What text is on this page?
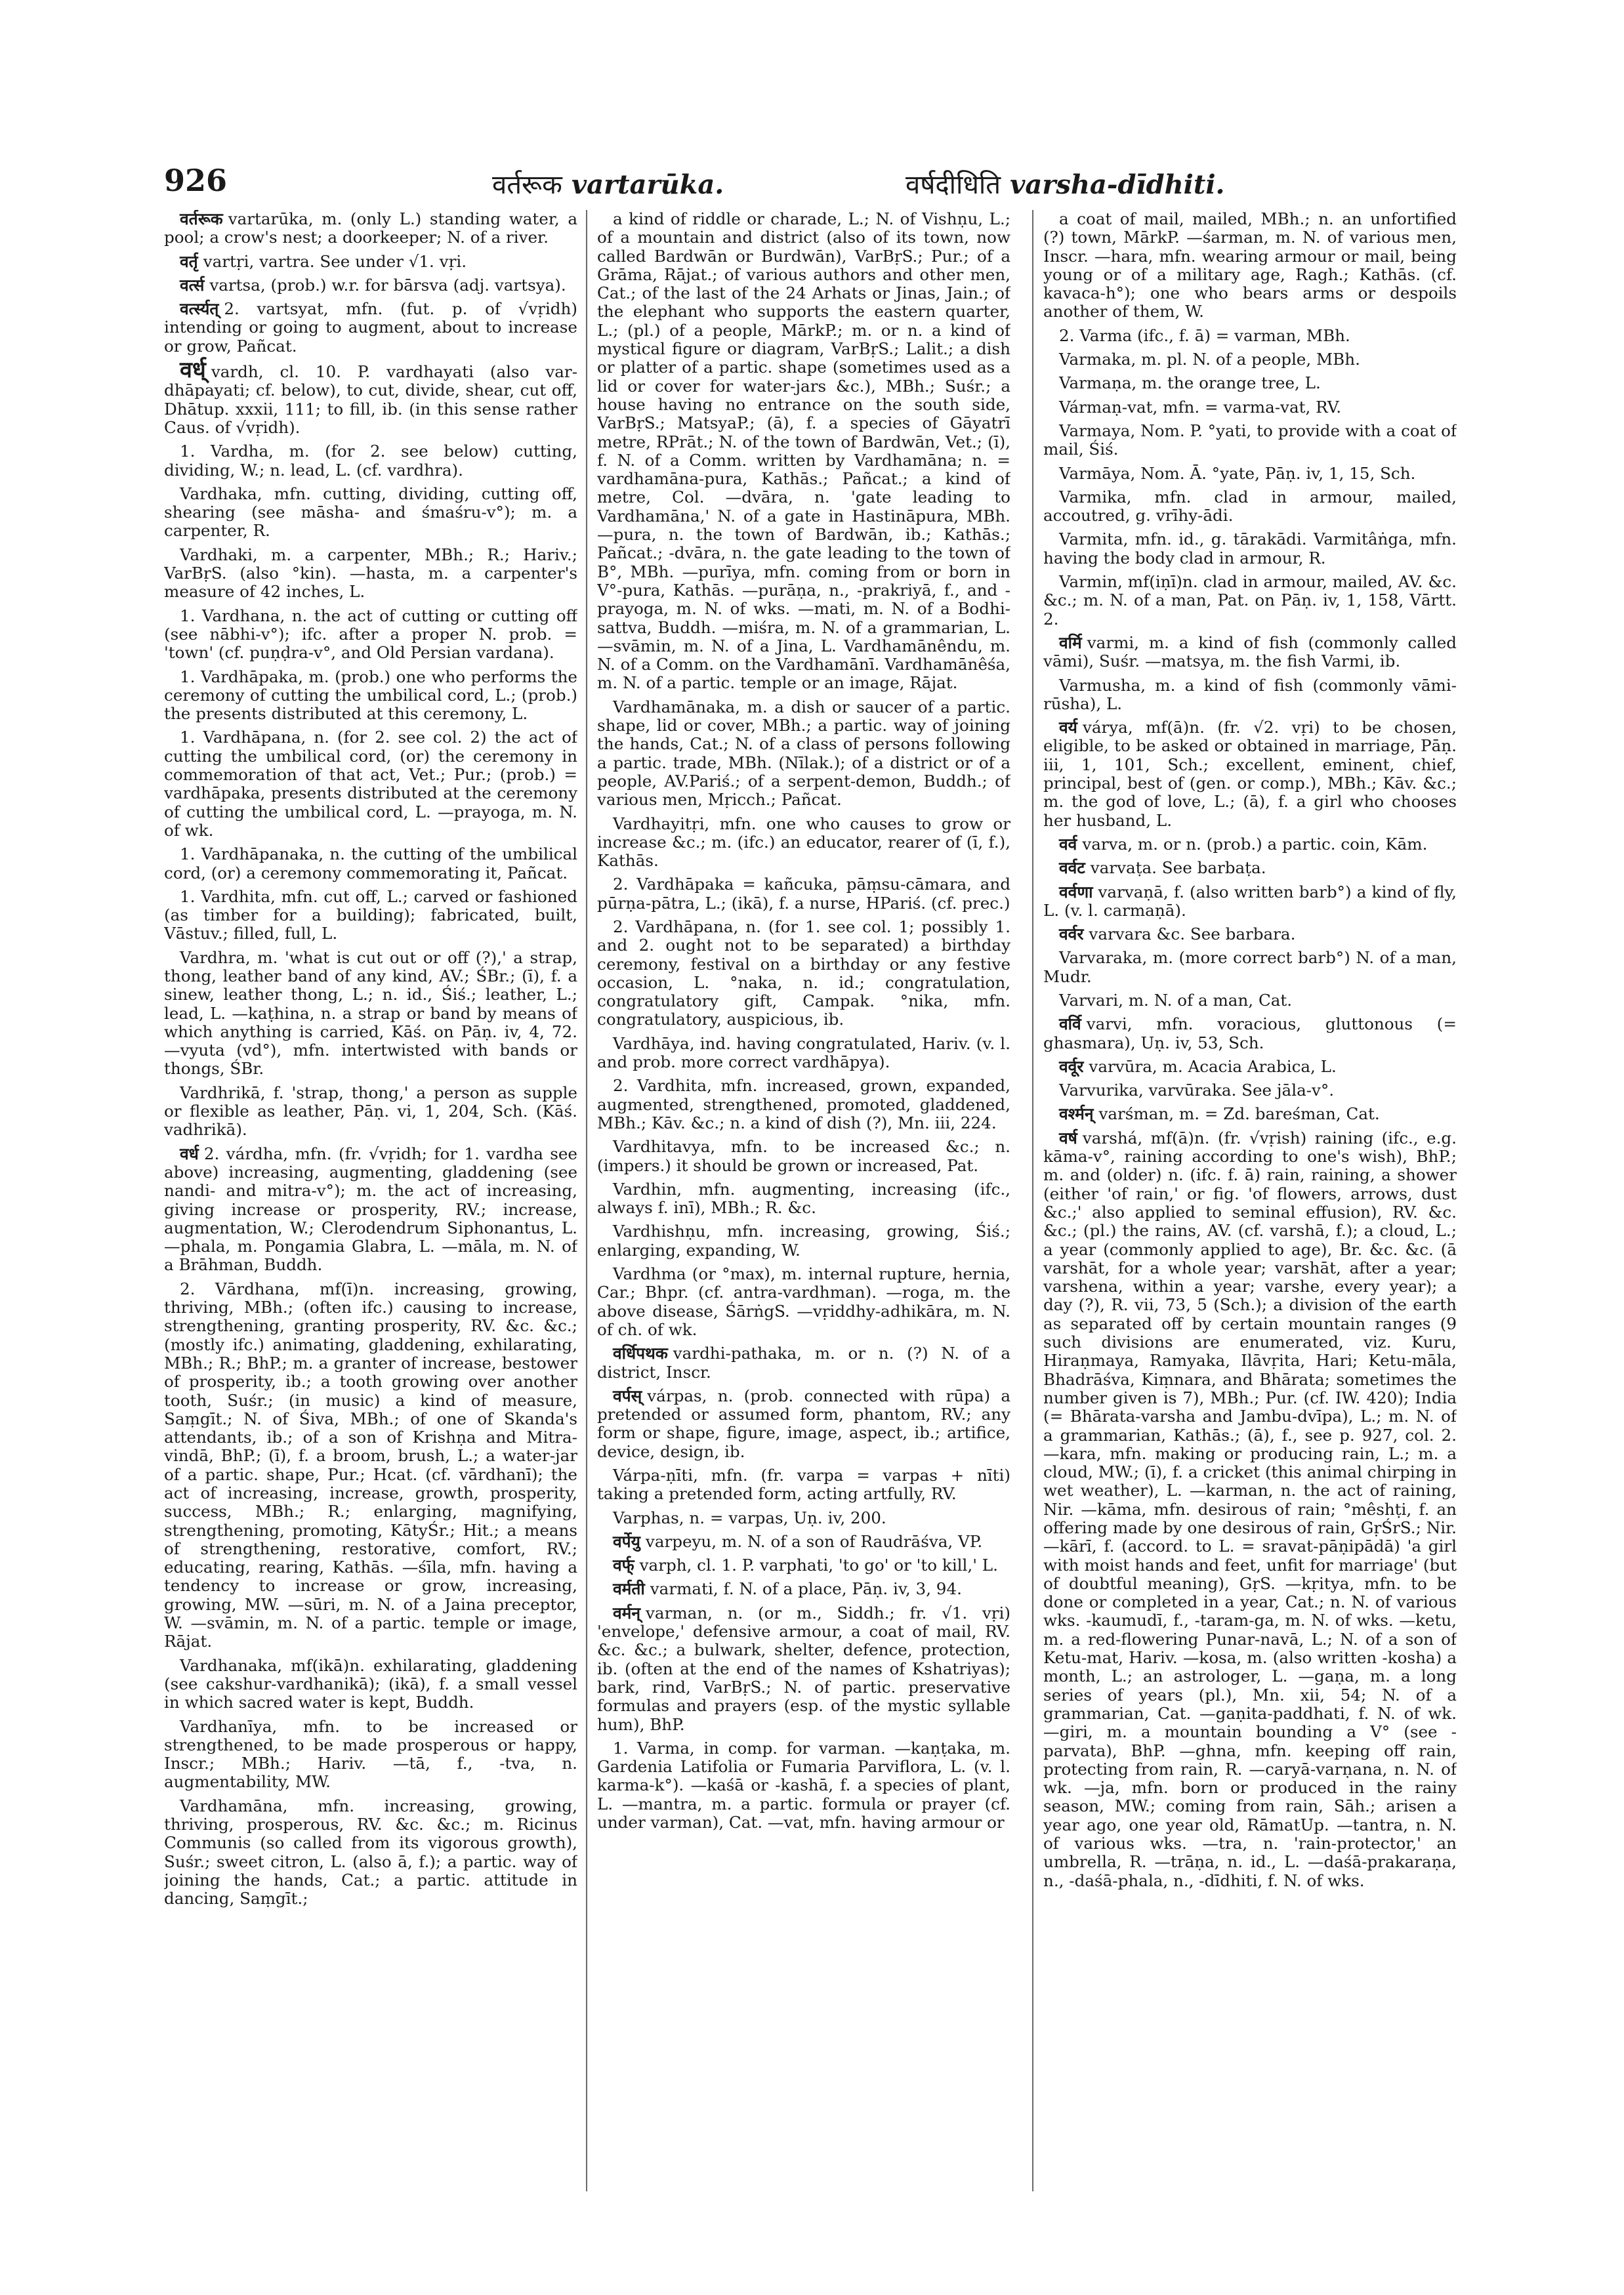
926	वर्तरूक vartarūka.	वर्षदीधिति varsha-dīdhiti.

वर्तरूक vartarūka, m. (only L.) standing water, a pool; a crow's nest; a doorkeeper; N. of a river.

वर्तृ vartṛi, vartra. See under √1. vṛi.

वर्त्स vartsa, (prob.) w.r. for bārsva (adj. vartsya).

वर्त्स्यत् 2. vartsyat, mfn. (fut. p. of √vṛidh) intending or going to augment, about to increase or grow, Pañcat.

वर्ध् vardh, cl. 10. P. vardhayati (also var-dhāpayati; cf. below), to cut, divide, shear, cut off, Dhātup. xxxii, 111; to fill, ib. (in this sense rather Caus. of √vṛidh).

1. Vardha, m. (for 2. see below) cutting, dividing, W.; n. lead, L. (cf. vardhra).

Vardhaka, mfn. cutting, dividing, cutting off, shearing (see māsha- and śmaśru-v°); m. a carpenter, R.

Vardhaki, m. a carpenter, MBh.; R.; Hariv.; VarBṛS. (also °kin). —hasta, m. a carpenter's measure of 42 inches, L.

1. Vardhana, n. the act of cutting or cutting off (see nābhi-v°); ifc. after a proper N. prob. = 'town' (cf. puṇḍra-v°, and Old Persian vardana).

1. Vardhāpaka, m. (prob.) one who performs the ceremony of cutting the umbilical cord, L.; (prob.) the presents distributed at this ceremony, L.

1. Vardhāpana, n. (for 2. see col. 2) the act of cutting the umbilical cord, (or) the ceremony in commemoration of that act, Vet.; Pur.; (prob.) = vardhāpaka, presents distributed at the ceremony of cutting the umbilical cord, L. —prayoga, m. N. of wk.

1. Vardhāpanaka, n. the cutting of the umbilical cord, (or) a ceremony commemorating it, Pañcat.

1. Vardhita, mfn. cut off, L.; carved or fashioned (as timber for a building); fabricated, built, Vāstuv.; filled, full, L.

Vardhra, m. 'what is cut out or off (?),' a strap, thong, leather band of any kind, AV.; ŚBr.; (ī), f. a sinew, leather thong, L.; n. id., Śiś.; leather, L.; lead, L. —kaṭhina, n. a strap or band by means of which anything is carried, Kāś. on Pāṇ. iv, 4, 72. —vyuta (vd°), mfn. intertwisted with bands or thongs, ŚBr.

Vardhrikā, f. 'strap, thong,' a person as supple or flexible as leather, Pāṇ. vi, 1, 204, Sch. (Kāś. vadhrikā).

वर्ध 2. várdha, mfn. (fr. √vṛidh; for 1. vardha see above) increasing, augmenting, gladdening (see nandi- and mitra-v°); m. the act of increasing, giving increase or prosperity, RV.; increase, augmentation, W.; Clerodendrum Siphonantus, L. —phala, m. Pongamia Glabra, L. —māla, m. N. of a Brāhman, Buddh.

2. Vārdhana, mf(ī)n. increasing, growing, thriving, MBh.; (often ifc.) causing to increase, strengthening, granting prosperity, RV. &c. &c.; (mostly ifc.) animating, gladdening, exhilarating, MBh.; R.; BhP.; m. a granter of increase, bestower of prosperity, ib.; a tooth growing over another tooth, Suśr.; (in music) a kind of measure, Saṃgīt.; N. of Śiva, MBh.; of one of Skanda's attendants, ib.; of a son of Krishṇa and Mitra-vindā, BhP.; (ī), f. a broom, brush, L.; a water-jar of a partic. shape, Pur.; Hcat. (cf. vārdhanī); the act of increasing, increase, growth, prosperity, success, MBh.; R.; enlarging, magnifying, strengthening, promoting, KātyŚr.; Hit.; a means of strengthening, restorative, comfort, RV.; educating, rearing, Kathās. —śīla, mfn. having a tendency to increase or grow, increasing, growing, MW. —sūri, m. N. of a Jaina preceptor, W. —svāmin, m. N. of a partic. temple or image, Rājat.

Vardhanaka, mf(ikā)n. exhilarating, gladdening (see cakshur-vardhanikā); (ikā), f. a small vessel in which sacred water is kept, Buddh.

Vardhanīya, mfn. to be increased or strengthened, to be made prosperous or happy, Inscr.; MBh.; Hariv. —tā, f., -tva, n. augmentability, MW.

Vardhamāna, mfn. increasing, growing, thriving, prosperous, RV. &c. &c.; m. Ricinus Communis (so called from its vigorous growth), Suśr.; sweet citron, L. (also ā, f.); a partic. way of joining the hands, Cat.; a partic. attitude in dancing, Saṃgīt.;

a kind of riddle or charade, L.; N. of Vishṇu, L.; of a mountain and district (also of its town, now called Bardwān or Burdwān), VarBṛS.; Pur.; of a Grāma, Rājat.; of various authors and other men, Cat.; of the last of the 24 Arhats or Jinas, Jain.; of the elephant who supports the eastern quarter, L.; (pl.) of a people, MārkP.; m. or n. a kind of mystical figure or diagram, VarBṛS.; Lalit.; a dish or platter of a partic. shape (sometimes used as a lid or cover for water-jars &c.), MBh.; Suśr.; a house having no entrance on the south side, VarBṛS.; MatsyaP.; (ā), f. a species of Gāyatrī metre, RPrāt.; N. of the town of Bardwān, Vet.; (ī), f. N. of a Comm. written by Vardhamāna; n. = vardhamāna-pura, Kathās.; Pañcat.; a kind of metre, Col. —dvāra, n. 'gate leading to Vardhamāna,' N. of a gate in Hastināpura, MBh. —pura, n. the town of Bardwān, ib.; Kathās.; Pañcat.; -dvāra, n. the gate leading to the town of B°, MBh. —purīya, mfn. coming from or born in V°-pura, Kathās. —purāṇa, n., -prakriyā, f., and -prayoga, m. N. of wks. —mati, m. N. of a Bodhi-sattva, Buddh. —miśra, m. N. of a grammarian, L. —svāmin, m. N. of a Jina, L. Vardhamānêndu, m. N. of a Comm. on the Vardhamānī. Vardhamānêśa, m. N. of a partic. temple or an image, Rājat.

Vardhamānaka, m. a dish or saucer of a partic. shape, lid or cover, MBh.; a partic. way of joining the hands, Cat.; N. of a class of persons following a partic. trade, MBh. (Nīlak.); of a district or of a people, AV.Pariś.; of a serpent-demon, Buddh.; of various men, Mṛicch.; Pañcat.

Vardhayitṛi, mfn. one who causes to grow or increase &c.; m. (ifc.) an educator, rearer of (ī, f.), Kathās.

2. Vardhāpaka = kañcuka, pāṃsu-cāmara, and pūrṇa-pātra, L.; (ikā), f. a nurse, HPariś. (cf. prec.)

2. Vardhāpana, n. (for 1. see col. 1; possibly 1. and 2. ought not to be separated) a birthday ceremony, festival on a birthday or any festive occasion, L. °naka, n. id.; congratulation, congratulatory gift, Campak. °nika, mfn. congratulatory, auspicious, ib.

Vardhāya, ind. having congratulated, Hariv. (v. l. and prob. more correct vardhāpya).

2. Vardhita, mfn. increased, grown, expanded, augmented, strengthened, promoted, gladdened, MBh.; Kāv. &c.; n. a kind of dish (?), Mn. iii, 224.

Vardhitavya, mfn. to be increased &c.; n. (impers.) it should be grown or increased, Pat.

Vardhin, mfn. augmenting, increasing (ifc., always f. inī), MBh.; R. &c.

Vardhishṇu, mfn. increasing, growing, Śiś.; enlarging, expanding, W.

Vardhma (or °max), m. internal rupture, hernia, Car.; Bhpr. (cf. antra-vardhman). —roga, m. the above disease, ŚārṅgS. —vṛiddhy-adhikāra, m. N. of ch. of wk.

वर्धिपथक vardhi-pathaka, m. or n. (?) N. of a district, Inscr.

वर्पस् várpas, n. (prob. connected with rūpa) a pretended or assumed form, phantom, RV.; any form or shape, figure, image, aspect, ib.; artifice, device, design, ib.

Várpa-ṇīti, mfn. (fr. varpa = varpas + nīti) taking a pretended form, acting artfully, RV.

Varphas, n. = varpas, Uṇ. iv, 200.

वर्पेयु varpeyu, m. N. of a son of Raudrāśva, VP.

वर्फ् varph, cl. 1. P. varphati, 'to go' or 'to kill,' L.

वर्मती varmati, f. N. of a place, Pāṇ. iv, 3, 94.

वर्मन् varman, n. (or m., Siddh.; fr. √1. vṛi) 'envelope,' defensive armour, a coat of mail, RV. &c. &c.; a bulwark, shelter, defence, protection, ib. (often at the end of the names of Kshatriyas); bark, rind, VarBṛS.; N. of partic. preservative formulas and prayers (esp. of the mystic syllable hum), BhP.

1. Varma, in comp. for varman. —kaṇṭaka, m. Gardenia Latifolia or Fumaria Parviflora, L. (v. l. karma-k°). —kaśā or -kashā, f. a species of plant, L. —mantra, m. a partic. formula or prayer (cf. under varman), Cat. —vat, mfn. having armour or

a coat of mail, mailed, MBh.; n. an unfortified (?) town, MārkP. —śarman, m. N. of various men, Inscr. —hara, mfn. wearing armour or mail, being young or of a military age, Ragh.; Kathās. (cf. kavaca-h°); one who bears arms or despoils another of them, W.

2. Varma (ifc., f. ā) = varman, MBh.

Varmaka, m. pl. N. of a people, MBh.

Varmaṇa, m. the orange tree, L.

Vármaṇ-vat, mfn. = varma-vat, RV.

Varmaya, Nom. P. °yati, to provide with a coat of mail, Śiś.

Varmāya, Nom. Ā. °yate, Pāṇ. iv, 1, 15, Sch.

Varmika, mfn. clad in armour, mailed, accoutred, g. vrīhy-ādi.

Varmita, mfn. id., g. tārakādi. Varmitâṅga, mfn. having the body clad in armour, R.

Varmin, mf(iṇī)n. clad in armour, mailed, AV. &c. &c.; m. N. of a man, Pat. on Pāṇ. iv, 1, 158, Vārtt. 2.

वर्मि varmi, m. a kind of fish (commonly called vāmi), Suśr. —matsya, m. the fish Varmi, ib.

Varmusha, m. a kind of fish (commonly vāmi-rūsha), L.

वर्य várya, mf(ā)n. (fr. √2. vṛi) to be chosen, eligible, to be asked or obtained in marriage, Pāṇ. iii, 1, 101, Sch.; excellent, eminent, chief, principal, best of (gen. or comp.), MBh.; Kāv. &c.; m. the god of love, L.; (ā), f. a girl who chooses her husband, L.

वर्व varva, m. or n. (prob.) a partic. coin, Kām.

वर्वट varvaṭa. See barbaṭa.

वर्वणा varvaṇā, f. (also written barb°) a kind of fly, L. (v. l. carmaṇā).

वर्वर varvara &c. See barbara.

Varvaraka, m. (more correct barb°) N. of a man, Mudr.

Varvari, m. N. of a man, Cat.

वर्वि varvi, mfn. voracious, gluttonous (= ghasmara), Uṇ. iv, 53, Sch.

वर्वूर varvūra, m. Acacia Arabica, L.

Varvurika, varvūraka. See jāla-v°.

वर्श्मन् varśman, m. = Zd. bareśman, Cat.

वर्ष varshá, mf(ā)n. (fr. √vṛish) raining (ifc., e.g. kāma-v°, raining according to one's wish), BhP.; m. and (older) n. (ifc. f. ā) rain, raining, a shower (either 'of rain,' or fig. 'of flowers, arrows, dust &c.;' also applied to seminal effusion), RV. &c. &c.; (pl.) the rains, AV. (cf. varshā, f.); a cloud, L.; a year (commonly applied to age), Br. &c. &c. (ā varshāt, for a whole year; varshāt, after a year; varshena, within a year; varshe, every year); a day (?), R. vii, 73, 5 (Sch.); a division of the earth as separated off by certain mountain ranges (9 such divisions are enumerated, viz. Kuru, Hiraṇmaya, Ramyaka, Ilāvṛita, Hari; Ketu-māla, Bhadrāśva, Kiṃnara, and Bhārata; sometimes the number given is 7), MBh.; Pur. (cf. IW. 420); India (= Bhārata-varsha and Jambu-dvīpa), L.; m. N. of a grammarian, Kathās.; (ā), f., see p. 927, col. 2. —kara, mfn. making or producing rain, L.; m. a cloud, MW.; (ī), f. a cricket (this animal chirping in wet weather), L. —karman, n. the act of raining, Nir. —kāma, mfn. desirous of rain; °mêshṭi, f. an offering made by one desirous of rain, GṛŚrS.; Nir. —kārī, f. (accord. to L. = sravat-pāṇipādā) 'a girl with moist hands and feet, unfit for marriage' (but of doubtful meaning), GṛS. —kṛitya, mfn. to be done or completed in a year, Cat.; n. N. of various wks. -kaumudī, f., -taram-ga, m. N. of wks. —ketu, m. a red-flowering Punar-navā, L.; N. of a son of Ketu-mat, Hariv. —kosa, m. (also written -kosha) a month, L.; an astrologer, L. —gaṇa, m. a long series of years (pl.), Mn. xii, 54; N. of a grammarian, Cat. —gaṇita-paddhati, f. N. of wk. —giri, m. a mountain bounding a V° (see -parvata), BhP. —ghna, mfn. keeping off rain, protecting from rain, R. —caryā-varṇana, n. N. of wk. —ja, mfn. born or produced in the rainy season, MW.; coming from rain, Sāh.; arisen a year ago, one year old, RāmatUp. —tantra, n. N. of various wks. —tra, n. 'rain-protector,' an umbrella, R. —trāṇa, n. id., L. —daśā-prakaraṇa, n., -daśā-phala, n., -dīdhiti, f. N. of wks.
